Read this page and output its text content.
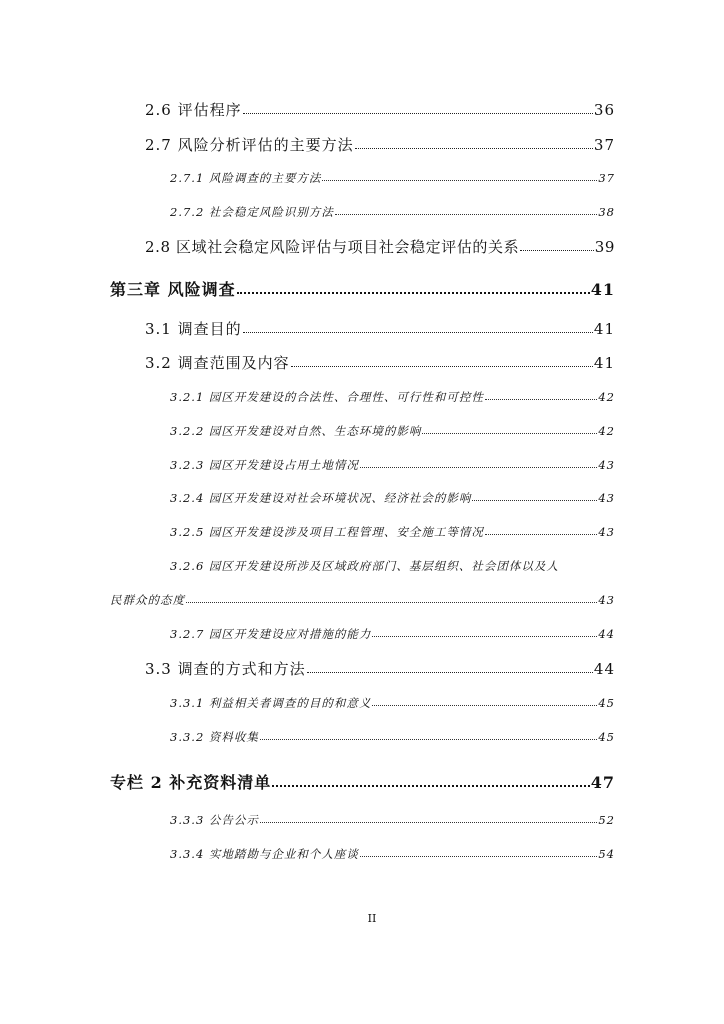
2.6 评估程序	36
2.7 风险分析评估的主要方法	37
2.7.1 风险调查的主要方法	37
2.7.2 社会稳定风险识别方法	38
2.8 区域社会稳定风险评估与项目社会稳定评估的关系	39
第三章 风险调查	41
3.1 调查目的	41
3.2 调查范围及内容	41
3.2.1 园区开发建设的合法性、合理性、可行性和可控性	42
3.2.2 园区开发建设对自然、生态环境的影响	42
3.2.3 园区开发建设占用土地情况	43
3.2.4 园区开发建设对社会环境状况、经济社会的影响	43
3.2.5 园区开发建设涉及项目工程管理、安全施工等情况	43
3.2.6 园区开发建设所涉及区域政府部门、基层组织、社会团体以及人
民群众的态度	43
3.2.7 园区开发建设应对措施的能力	44
3.3 调查的方式和方法	44
3.3.1 利益相关者调查的目的和意义	45
3.3.2 资料收集	45
专栏 2 补充资料清单	47
3.3.3 公告公示	52
3.3.4 实地踏勘与企业和个人座谈	54
II
